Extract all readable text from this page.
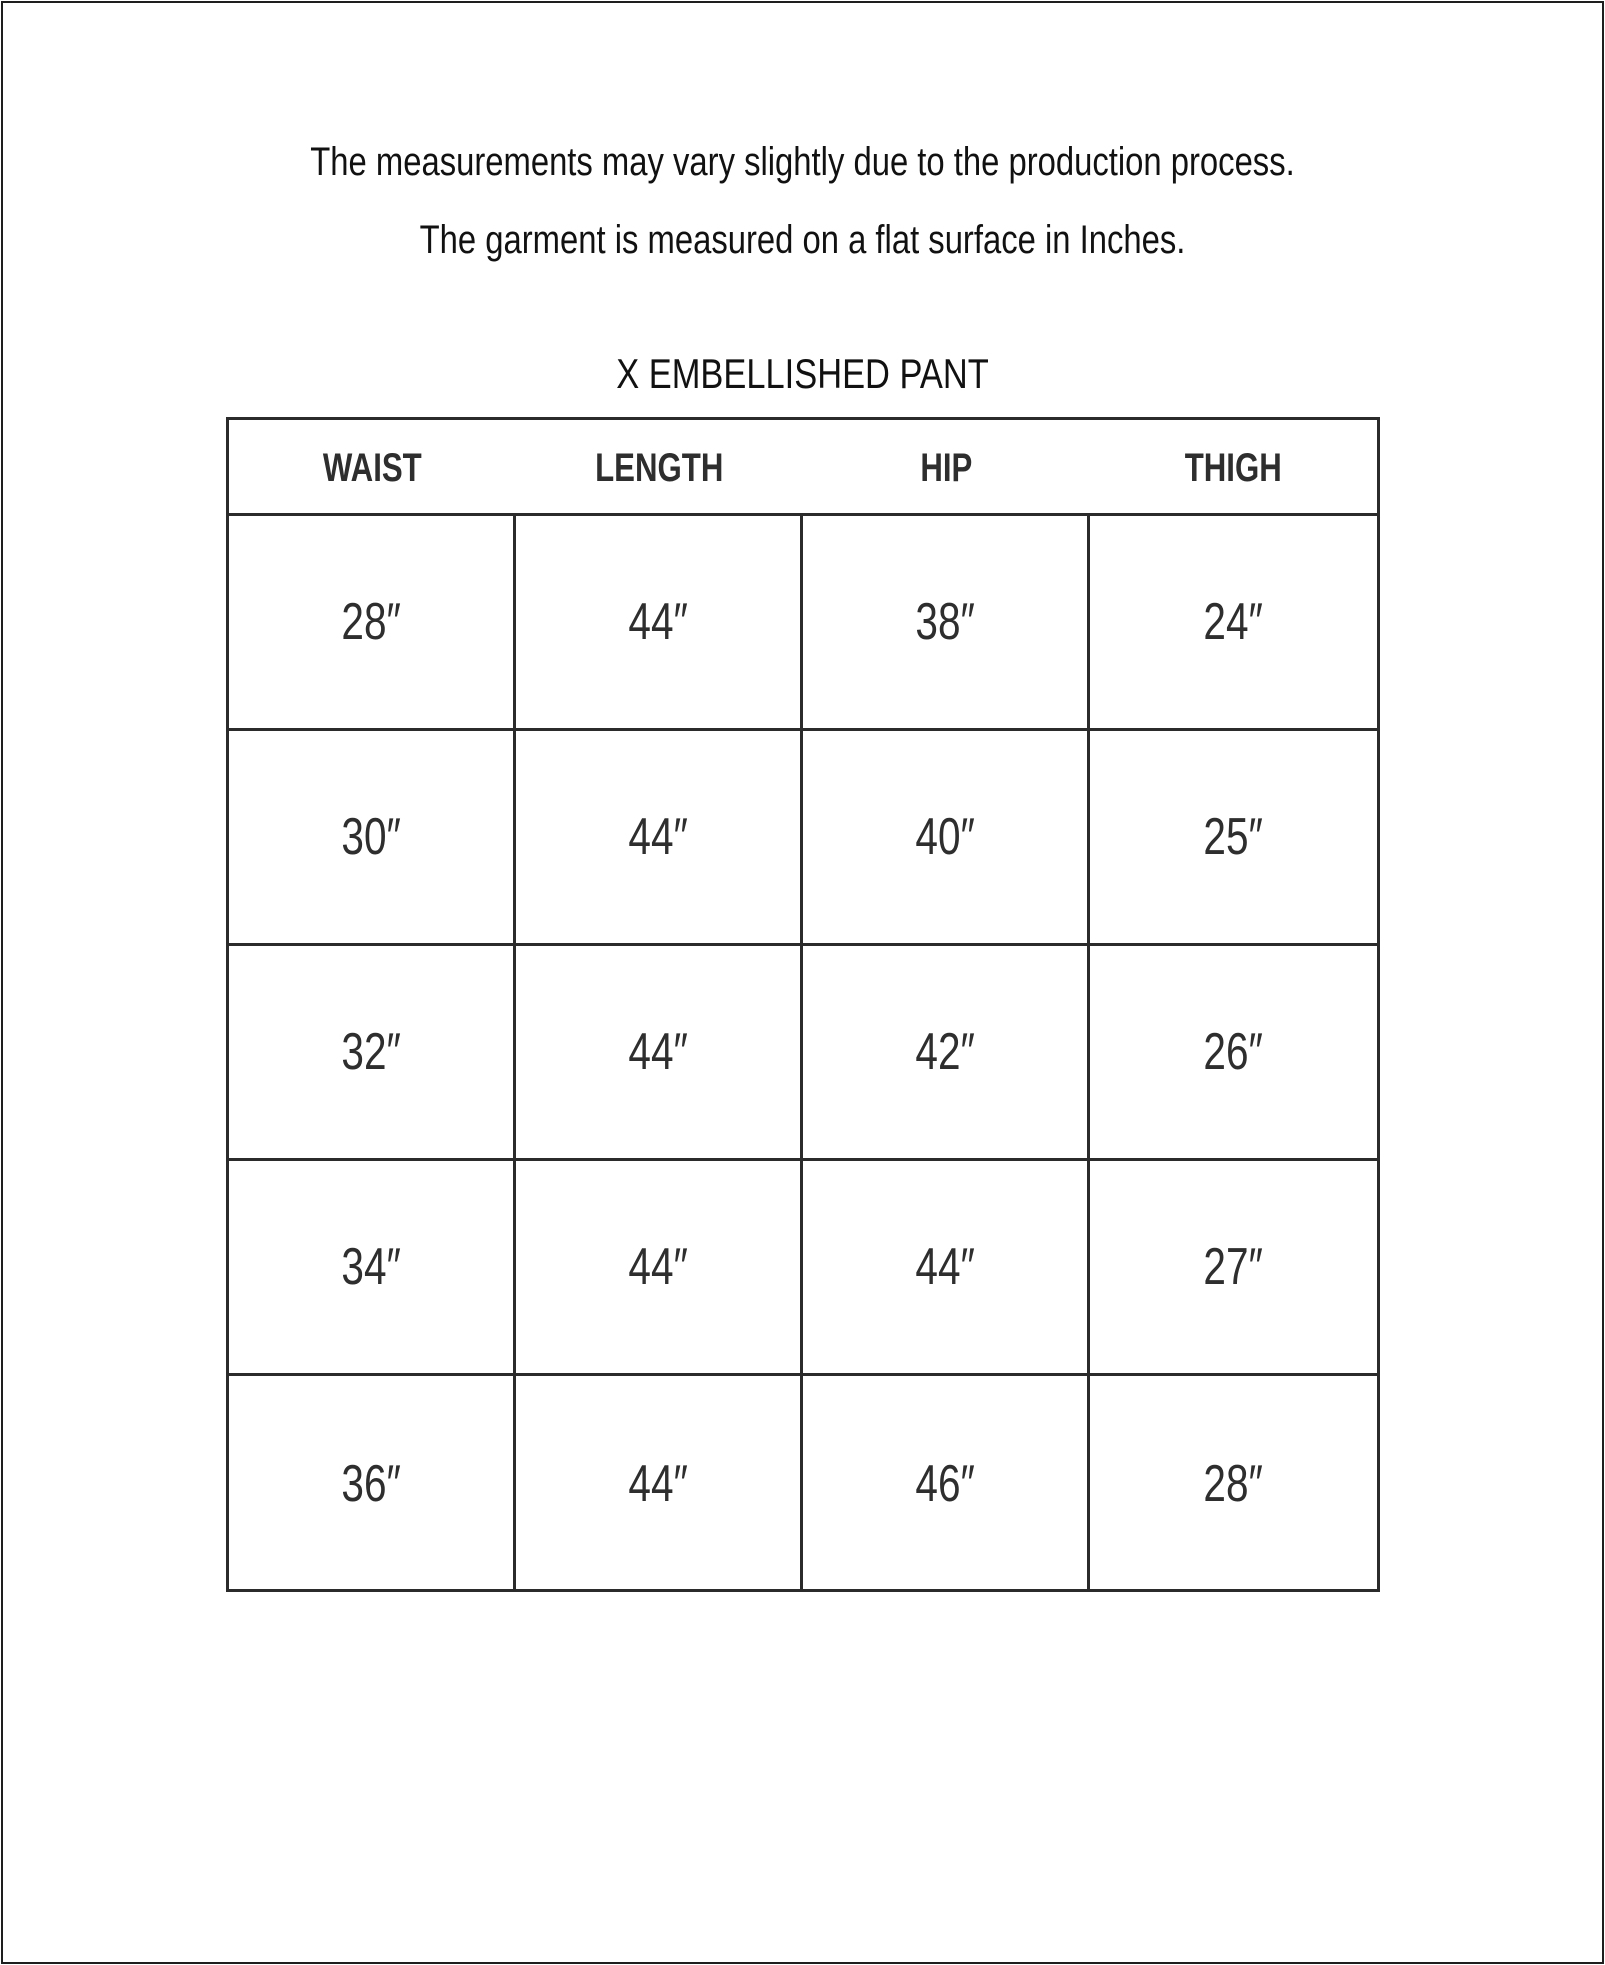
The measurements may vary slightly due to the production process.
The garment is measured on a flat surface in Inches.
X EMBELLISHED PANT
WAIST	LENGTH	HIP	THIGH
28″	44″	38″	24″
30″	44″	40″	25″
32″	44″	42″	26″
34″	44″	44″	27″
36″	44″	46″	28″
